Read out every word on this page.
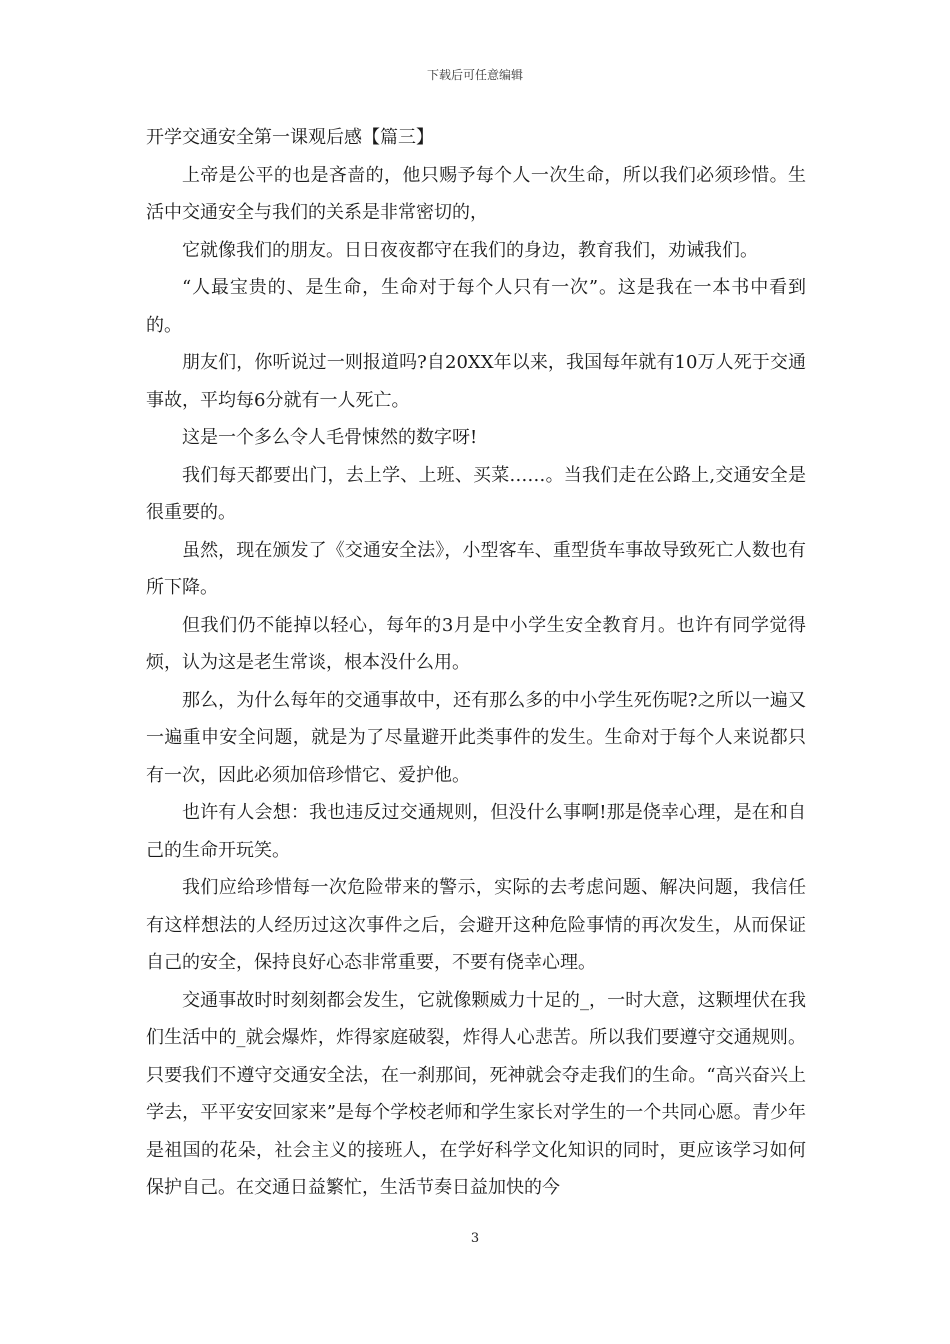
下载后可任意编辑

开学交通安全第一课观后感【篇三】

上帝是公平的也是吝啬的，他只赐予每个人一次生命，所以我们必须珍惜。生活中交通安全与我们的关系是非常密切的，

它就像我们的朋友。日日夜夜都守在我们的身边，教育我们，劝诫我们。

“人最宝贵的、是生命，生命对于每个人只有一次”。这是我在一本书中看到的。

朋友们，你听说过一则报道吗?自20XX年以来，我国每年就有10万人死于交通事故，平均每6分就有一人死亡。

这是一个多么令人毛骨悚然的数字呀!

我们每天都要出门，去上学、上班、买菜……。当我们走在公路上,交通安全是很重要的。

虽然，现在颁发了《交通安全法》，小型客车、重型货车事故导致死亡人数也有所下降。

但我们仍不能掉以轻心，每年的3月是中小学生安全教育月。也许有同学觉得烦，认为这是老生常谈，根本没什么用。

那么，为什么每年的交通事故中，还有那么多的中小学生死伤呢?之所以一遍又一遍重申安全问题，就是为了尽量避开此类事件的发生。生命对于每个人来说都只有一次，因此必须加倍珍惜它、爱护他。

也许有人会想：我也违反过交通规则，但没什么事啊!那是侥幸心理，是在和自己的生命开玩笑。

我们应给珍惜每一次危险带来的警示，实际的去考虑问题、解决问题，我信任有这样想法的人经历过这次事件之后，会避开这种危险事情的再次发生，从而保证自己的安全，保持良好心态非常重要，不要有侥幸心理。

交通事故时时刻刻都会发生，它就像颗威力十足的_，一时大意，这颗埋伏在我们生活中的_就会爆炸，炸得家庭破裂，炸得人心悲苦。所以我们要遵守交通规则。只要我们不遵守交通安全法，在一刹那间，死神就会夺走我们的生命。“高兴奋兴上学去，平平安安回家来”是每个学校老师和学生家长对学生的一个共同心愿。青少年是祖国的花朵，社会主义的接班人，在学好科学文化知识的同时，更应该学习如何保护自己。在交通日益繁忙，生活节奏日益加快的今

3
